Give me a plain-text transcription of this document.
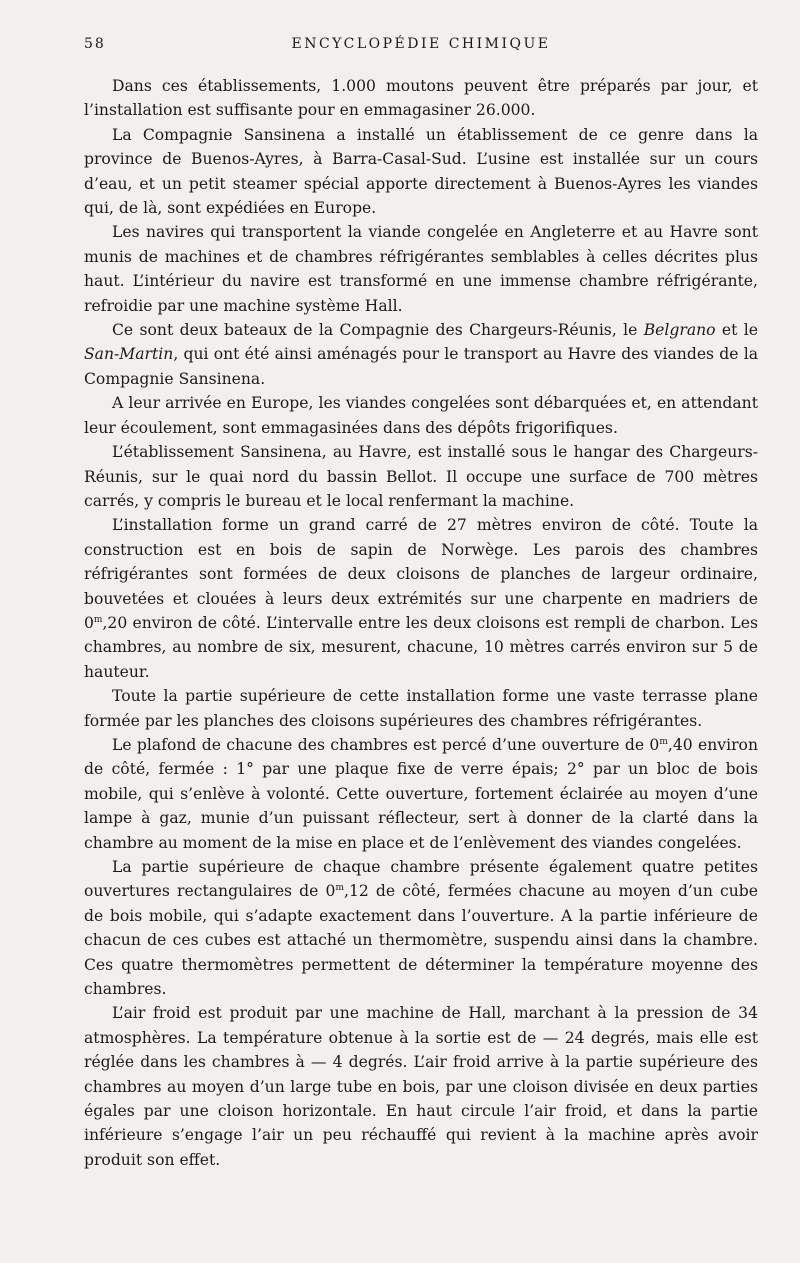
58	ENCYCLOPÉDIE CHIMIQUE

Dans ces établissements, 1.000 moutons peuvent être préparés par jour, et l’installation est suffisante pour en emmagasiner 26.000.

La Compagnie Sansinena a installé un établissement de ce genre dans la province de Buenos-Ayres, à Barra-Casal-Sud. L’usine est installée sur un cours d’eau, et un petit steamer spécial apporte directement à Buenos-Ayres les viandes qui, de là, sont expédiées en Europe.

Les navires qui transportent la viande congelée en Angleterre et au Havre sont munis de machines et de chambres réfrigérantes semblables à celles décrites plus haut. L’intérieur du navire est transformé en une immense chambre réfrigérante, refroidie par une machine système Hall.

Ce sont deux bateaux de la Compagnie des Chargeurs-Réunis, le Belgrano et le San-Martin, qui ont été ainsi aménagés pour le transport au Havre des viandes de la Compagnie Sansinena.

A leur arrivée en Europe, les viandes congelées sont débarquées et, en attendant leur écoulement, sont emmagasinées dans des dépôts frigorifiques.

L’établissement Sansinena, au Havre, est installé sous le hangar des Chargeurs-Réunis, sur le quai nord du bassin Bellot. Il occupe une surface de 700 mètres carrés, y compris le bureau et le local renfermant la machine.

L’installation forme un grand carré de 27 mètres environ de côté. Toute la construction est en bois de sapin de Norwège. Les parois des chambres réfrigérantes sont formées de deux cloisons de planches de largeur ordinaire, bouvetées et clouées à leurs deux extrémités sur une charpente en madriers de 0$^m$,20 environ de côté. L’intervalle entre les deux cloisons est rempli de charbon. Les chambres, au nombre de six, mesurent, chacune, 10 mètres carrés environ sur 5 de hauteur.

Toute la partie supérieure de cette installation forme une vaste terrasse plane formée par les planches des cloisons supérieures des chambres réfrigérantes.

Le plafond de chacune des chambres est percé d’une ouverture de 0$^m$,40 environ de côté, fermée : 1° par une plaque fixe de verre épais; 2° par un bloc de bois mobile, qui s’enlève à volonté. Cette ouverture, fortement éclairée au moyen d’une lampe à gaz, munie d’un puissant réflecteur, sert à donner de la clarté dans la chambre au moment de la mise en place et de l’enlèvement des viandes congelées.

La partie supérieure de chaque chambre présente également quatre petites ouvertures rectangulaires de 0$^m$,12 de côté, fermées chacune au moyen d’un cube de bois mobile, qui s’adapte exactement dans l’ouverture. A la partie inférieure de chacun de ces cubes est attaché un thermomètre, suspendu ainsi dans la chambre. Ces quatre thermomètres permettent de déterminer la température moyenne des chambres.

L’air froid est produit par une machine de Hall, marchant à la pression de 34 atmosphères. La température obtenue à la sortie est de — 24 degrés, mais elle est réglée dans les chambres à — 4 degrés. L’air froid arrive à la partie supérieure des chambres au moyen d’un large tube en bois, par une cloison divisée en deux parties égales par une cloison horizontale. En haut circule l’air froid, et dans la partie inférieure s’engage l’air un peu réchauffé qui revient à la machine après avoir produit son effet.
